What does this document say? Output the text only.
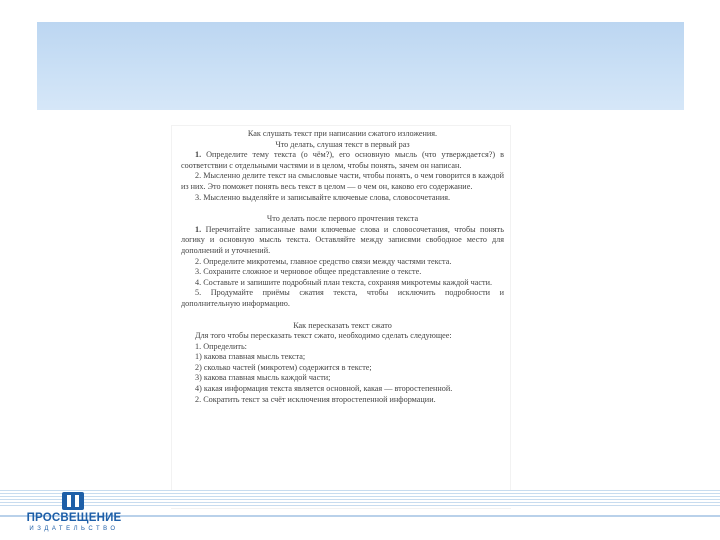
Как слушать текст при написании сжатого изложения.
Что делать, слушая текст в первый раз

1. Определите тему текста (о чём?), его основную мысль (что утверждается?) в соответствии с отдельными частями и в целом, чтобы понять, зачем он написан.

2. Мысленно делите текст на смысловые части, чтобы понять, о чем говорится в каждой из них. Это поможет понять весь текст в целом — о чем он, каково его содержание.

3. Мысленно выделяйте и записывайте ключевые слова, словосочетания.

Что делать после первого прочтения текста

1. Перечитайте записанные вами ключевые слова и словосочетания, чтобы понять логику и основную мысль текста. Оставляйте между записями свободное место для дополнений и уточнений.

2. Определите микротемы, главное средство связи между частями текста.

3. Сохраните сложное и черновое общее представление о тексте.

4. Составьте и запишите подробный план текста, сохраняя микротемы каждой части.

5. Продумайте приёмы сжатия текста, чтобы исключить подробности и дополнительную информацию.

Как пересказать текст сжато

Для того чтобы пересказать текст сжато, необходимо сделать следующее:

1. Определить:

1) какова главная мысль текста;

2) сколько частей (микротем) содержится в тексте;

3) какова главная мысль каждой части;

4) какая информация текста является основной, какая — второстепенной.

2. Сократить текст за счёт исключения второстепенной информации.

ПРОСВЕЩЕНИЕ
ИЗДАТЕЛЬСТВО
